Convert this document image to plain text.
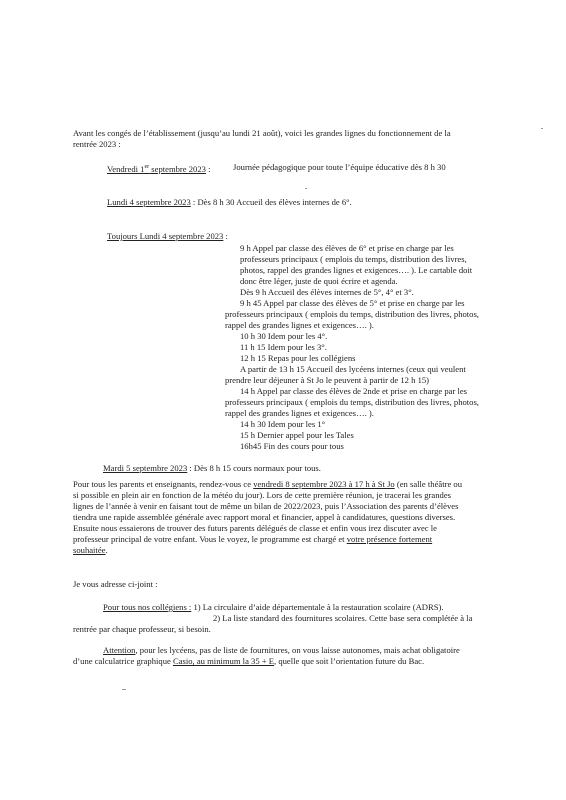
Avant les congés de l’établissement (jusqu’au lundi 21 août), voici les grandes lignes du fonctionnement de la
rentrée 2023 :
Vendredi 1er septembre 2023 :	Journée pédagogique pour toute l’équipe éducative dès 8 h 30
Lundi 4 septembre 2023 : Dès 8 h 30 Accueil des élèves internes de 6°.
Toujours Lundi 4 septembre 2023 :
9 h Appel par classe des élèves de 6° et prise en charge par les
professeurs principaux ( emplois du temps, distribution des livres,
photos, rappel des grandes lignes et exigences…. ). Le cartable doit
donc être léger, juste de quoi écrire et agenda.
Dès 9 h Accueil des élèves internes de 5°, 4° et 3°.
9 h 45 Appel par classe des élèves de 5° et prise en charge par les
professeurs principaux ( emplois du temps, distribution des livres, photos,
rappel des grandes lignes et exigences…. ).
10 h 30 Idem pour les 4°.
11 h 15 Idem pour les 3°.
12 h 15 Repas pour les collégiens
A partir de 13 h 15 Accueil des lycéens internes (ceux qui veulent
prendre leur déjeuner à St Jo le peuvent à partir de 12 h 15)
14 h Appel par classe des élèves de 2nde et prise en charge par les
professeurs principaux ( emplois du temps, distribution des livres, photos,
rappel des grandes lignes et exigences…. ).
14 h 30 Idem pour les 1°
15 h Dernier appel pour les Tales
16h45 Fin des cours pour tous
Mardi 5 septembre 2023 : Dès 8 h 15 cours normaux pour tous.
Pour tous les parents et enseignants, rendez-vous ce vendredi 8 septembre 2023 à 17 h à St Jo (en salle théâtre ou
si possible en plein air en fonction de la météo du jour). Lors de cette première réunion, je tracerai les grandes
lignes de l’année à venir en faisant tout de même un bilan de 2022/2023, puis l’Association des parents d’élèves
tiendra une rapide assemblée générale avec rapport moral et financier, appel à candidatures, questions diverses.
Ensuite nous essaierons de trouver des futurs parents délégués de classe et enfin vous irez discuter avec le
professeur principal de votre enfant. Vous le voyez, le programme est chargé et votre présence fortement
souhaitée.
Je vous adresse ci-joint :
Pour tous nos collégiens : 1) La circulaire d’aide départementale à la restauration scolaire (ADRS).
2) La liste standard des fournitures scolaires. Cette base sera complétée à la
rentrée par chaque professeur, si besoin.
Attention, pour les lycéens, pas de liste de fournitures, on vous laisse autonomes, mais achat obligatoire
d’une calculatrice graphique Casio, au minimum la 35 + E, quelle que soit l’orientation future du Bac.
